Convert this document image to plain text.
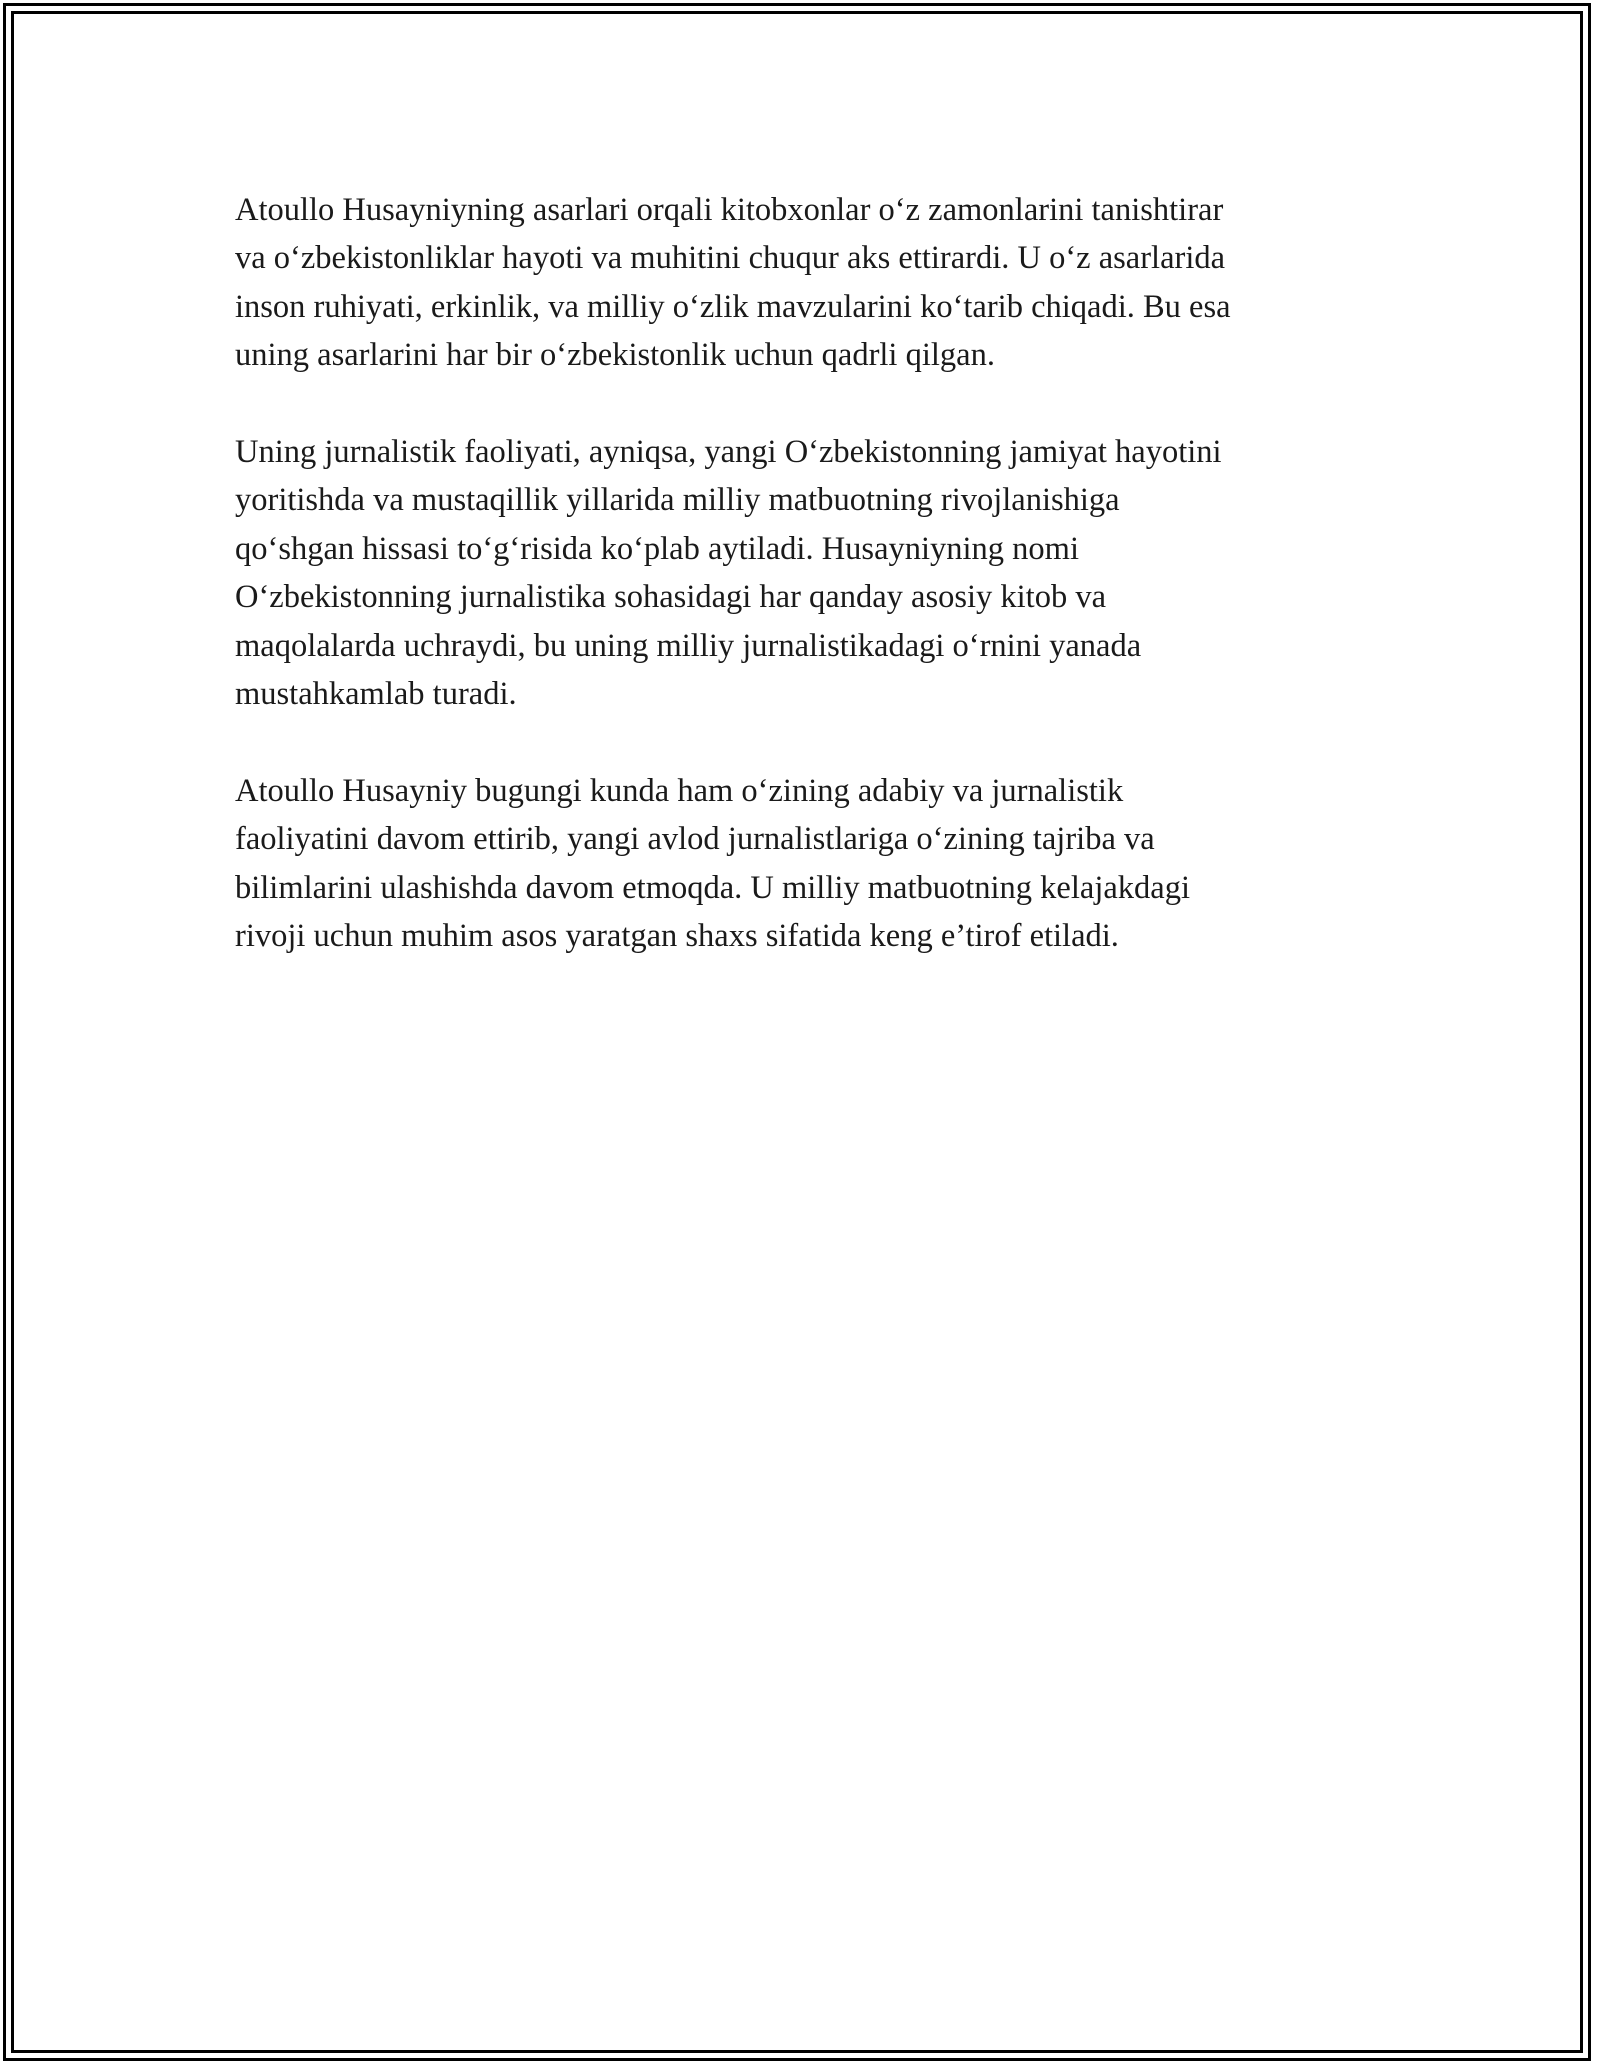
Atoullo Husayniyning asarlari orqali kitobxonlar o‘z zamonlarini tanishtirar
va o‘zbekistonliklar hayoti va muhitini chuqur aks ettirardi. U o‘z asarlarida
inson ruhiyati, erkinlik, va milliy o‘zlik mavzularini ko‘tarib chiqadi. Bu esa
uning asarlarini har bir o‘zbekistonlik uchun qadrli qilgan.

Uning jurnalistik faoliyati, ayniqsa, yangi O‘zbekistonning jamiyat hayotini
yoritishda va mustaqillik yillarida milliy matbuotning rivojlanishiga
qo‘shgan hissasi to‘g‘risida ko‘plab aytiladi. Husayniyning nomi
O‘zbekistonning jurnalistika sohasidagi har qanday asosiy kitob va
maqolalarda uchraydi, bu uning milliy jurnalistikadagi o‘rnini yanada
mustahkamlab turadi.

Atoullo Husayniy bugungi kunda ham o‘zining adabiy va jurnalistik
faoliyatini davom ettirib, yangi avlod jurnalistlariga o‘zining tajriba va
bilimlarini ulashishda davom etmoqda. U milliy matbuotning kelajakdagi
rivoji uchun muhim asos yaratgan shaxs sifatida keng e’tirof etiladi.
